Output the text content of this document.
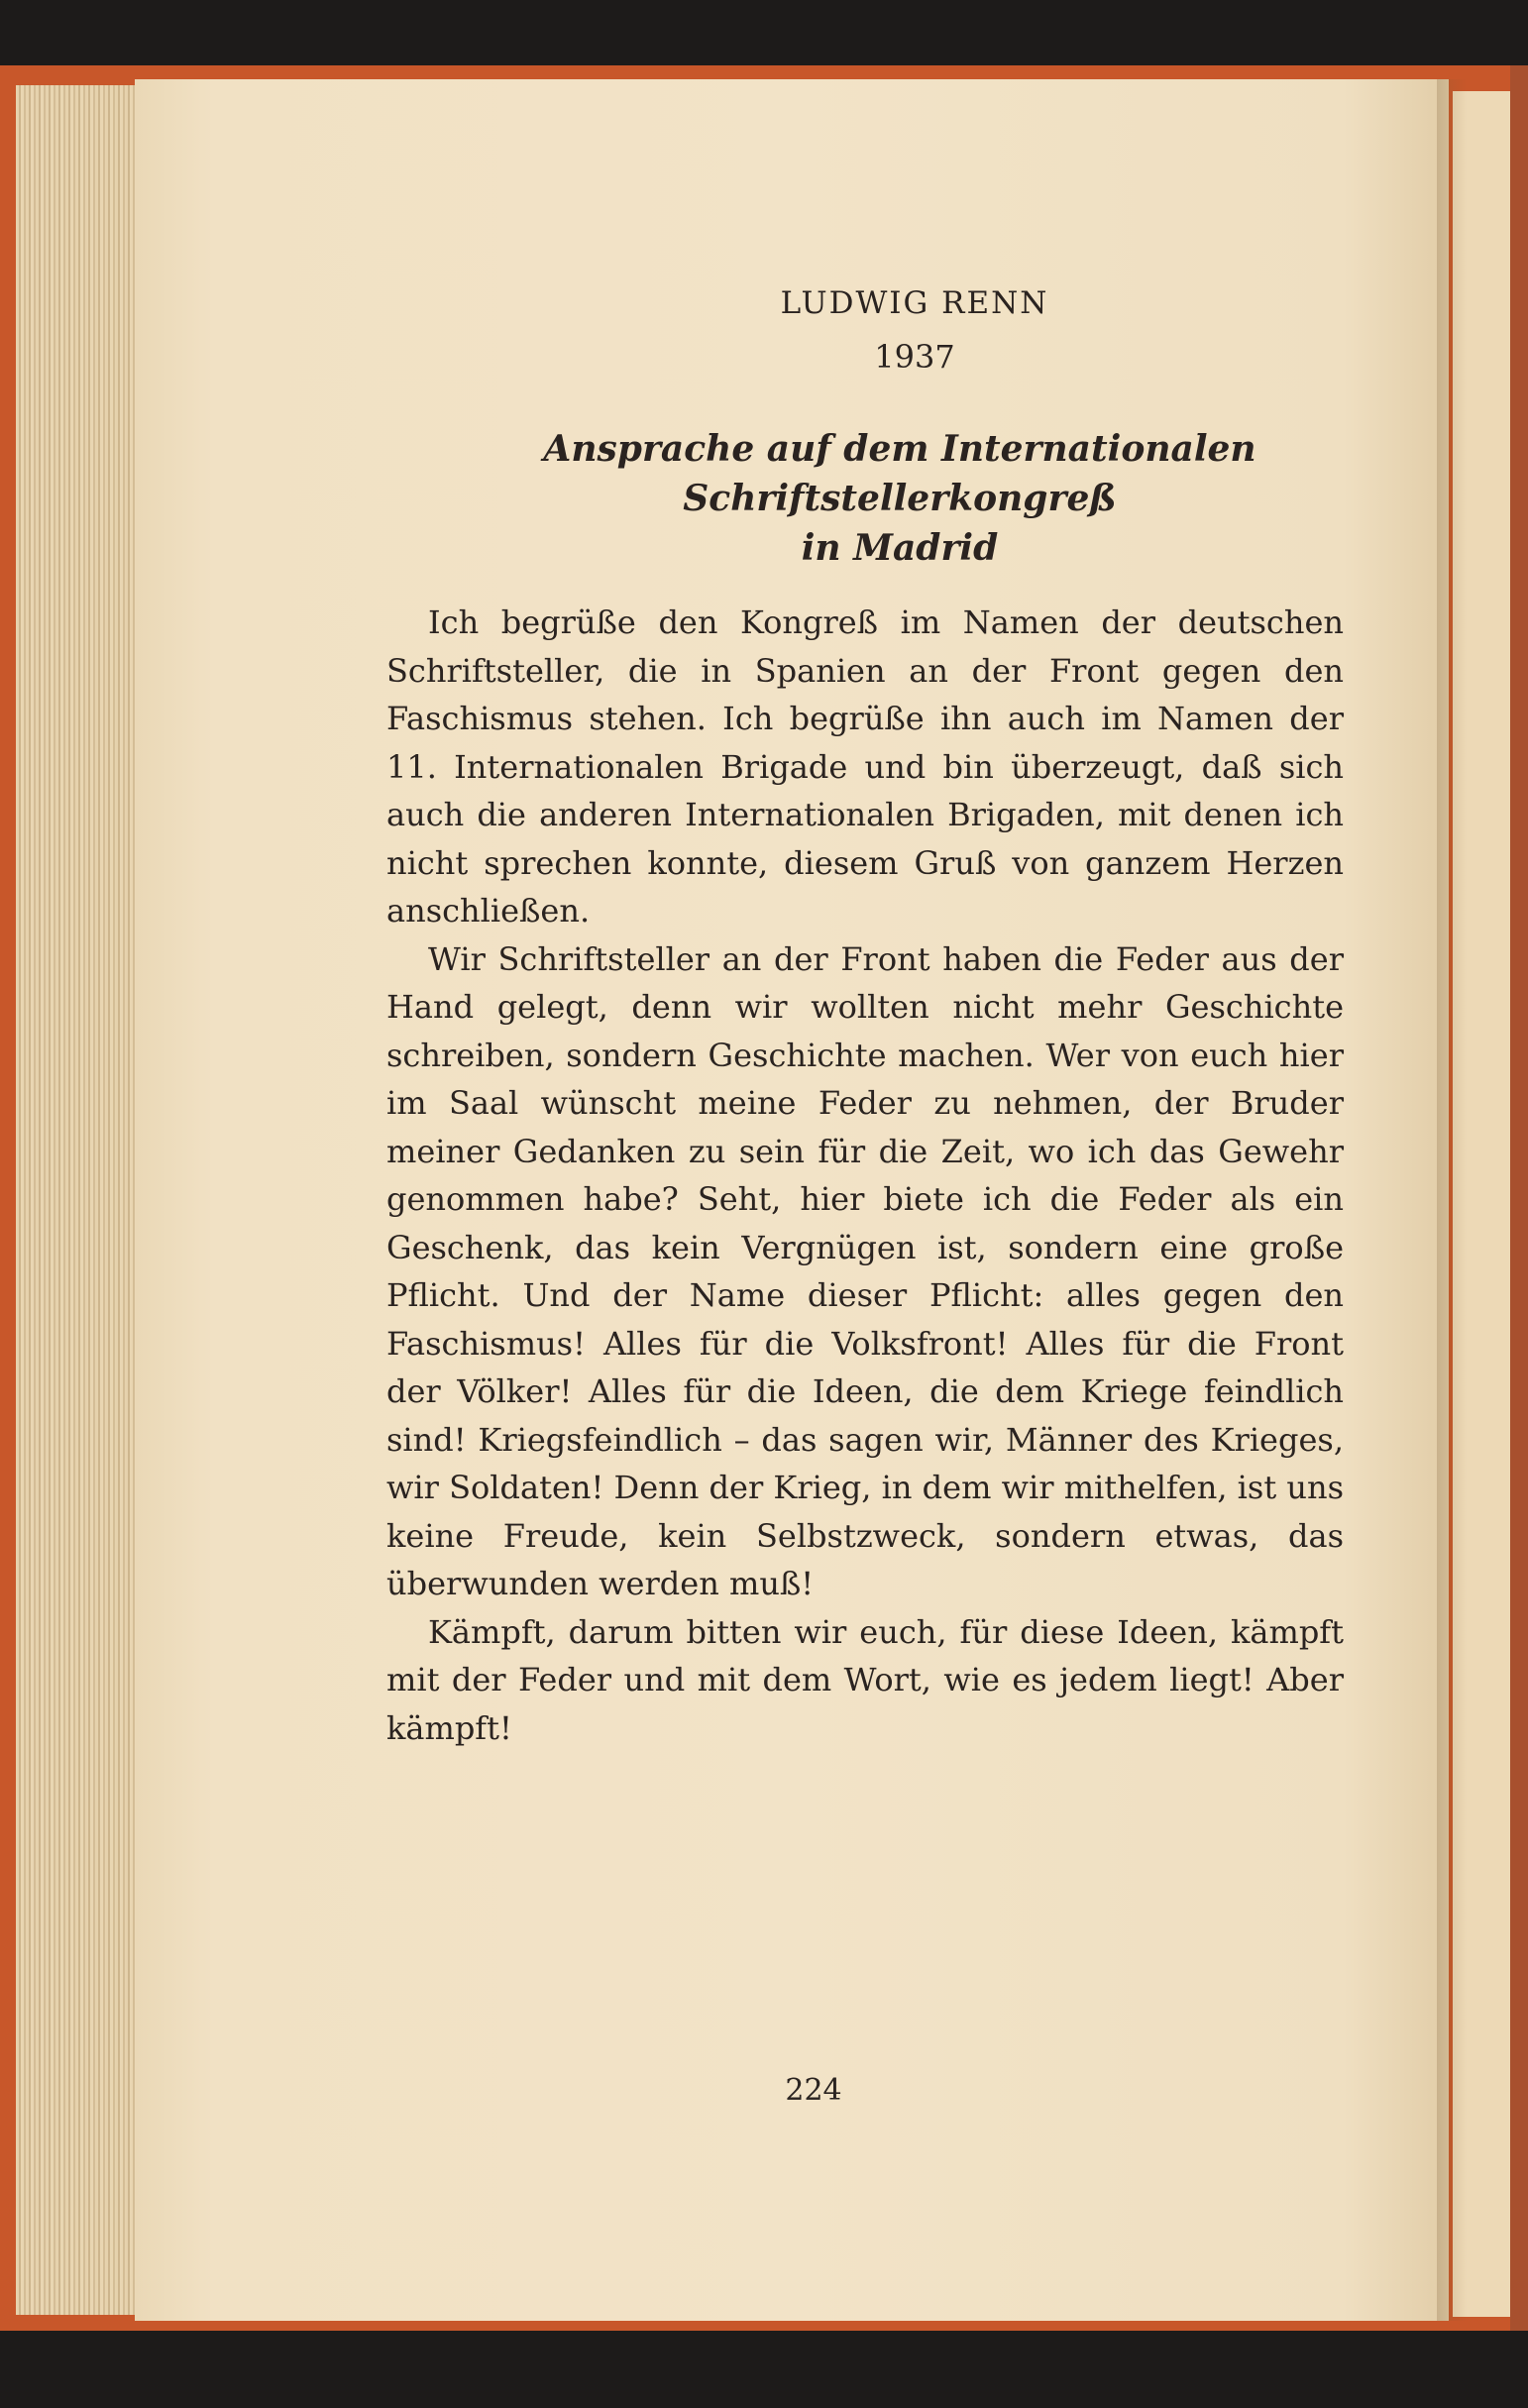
LUDWIG RENN

1937

Ansprache auf dem Internationalen Schriftstellerkongreß
in Madrid

Ich begrüße den Kongreß im Namen der deutschen Schriftsteller, die in Spanien an der Front gegen den Faschismus stehen. Ich begrüße ihn auch im Namen der 11. Internationalen Brigade und bin überzeugt, daß sich auch die anderen Internationalen Brigaden, mit denen ich nicht sprechen konnte, diesem Gruß von ganzem Herzen anschließen.

Wir Schriftsteller an der Front haben die Feder aus der Hand gelegt, denn wir wollten nicht mehr Geschichte schreiben, sondern Geschichte machen. Wer von euch hier im Saal wünscht meine Feder zu nehmen, der Bruder meiner Gedanken zu sein für die Zeit, wo ich das Gewehr genommen habe? Seht, hier biete ich die Feder als ein Geschenk, das kein Vergnügen ist, sondern eine große Pflicht. Und der Name dieser Pflicht: alles gegen den Faschismus! Alles für die Volksfront! Alles für die Front der Völker! Alles für die Ideen, die dem Kriege feindlich sind! Kriegsfeindlich – das sagen wir, Männer des Krieges, wir Soldaten! Denn der Krieg, in dem wir mithelfen, ist uns keine Freude, kein Selbstzweck, sondern etwas, das überwunden werden muß!

Kämpft, darum bitten wir euch, für diese Ideen, kämpft mit der Feder und mit dem Wort, wie es jedem liegt! Aber kämpft!

224
